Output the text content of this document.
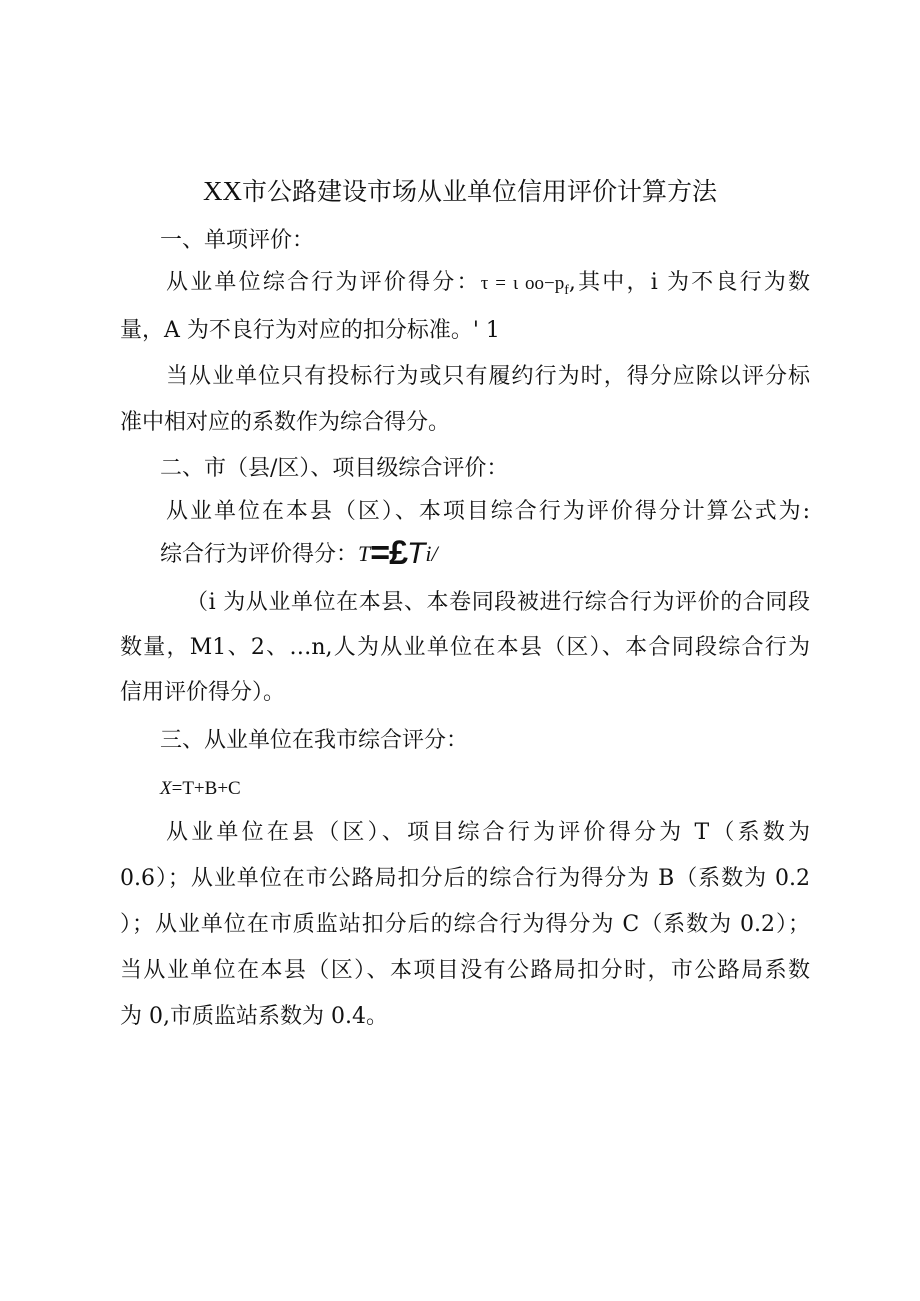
XX市公路建设市场从业单位信用评价计算方法
一、单项评价：
从业单位综合行为评价得分：τ = ι $oo-p_f$,其中，i 为不良行为数
量，A 为不良行为对应的扣分标准。' 1
当从业单位只有投标行为或只有履约行为时，得分应除以评分标
准中相对应的系数作为综合得分。
二、市（县/区）、项目级综合评价：
从业单位在本县（区）、本项目综合行为评价得分计算公式为:
综合行为评价得分：T=£Ti/
（i 为从业单位在本县、本卷同段被进行综合行为评价的合同段
数量，M1、2、…n,人为从业单位在本县（区）、本合同段综合行为
信用评价得分）。
三、从业单位在我市综合评分：
X=T+B+C
从业单位在县（区）、项目综合行为评价得分为 T（系数为
0.6）；从业单位在市公路局扣分后的综合行为得分为 B（系数为 0.2
）；从业单位在市质监站扣分后的综合行为得分为 C（系数为 0.2）；
当从业单位在本县（区）、本项目没有公路局扣分时，市公路局系数
为 0,市质监站系数为 0.4。
